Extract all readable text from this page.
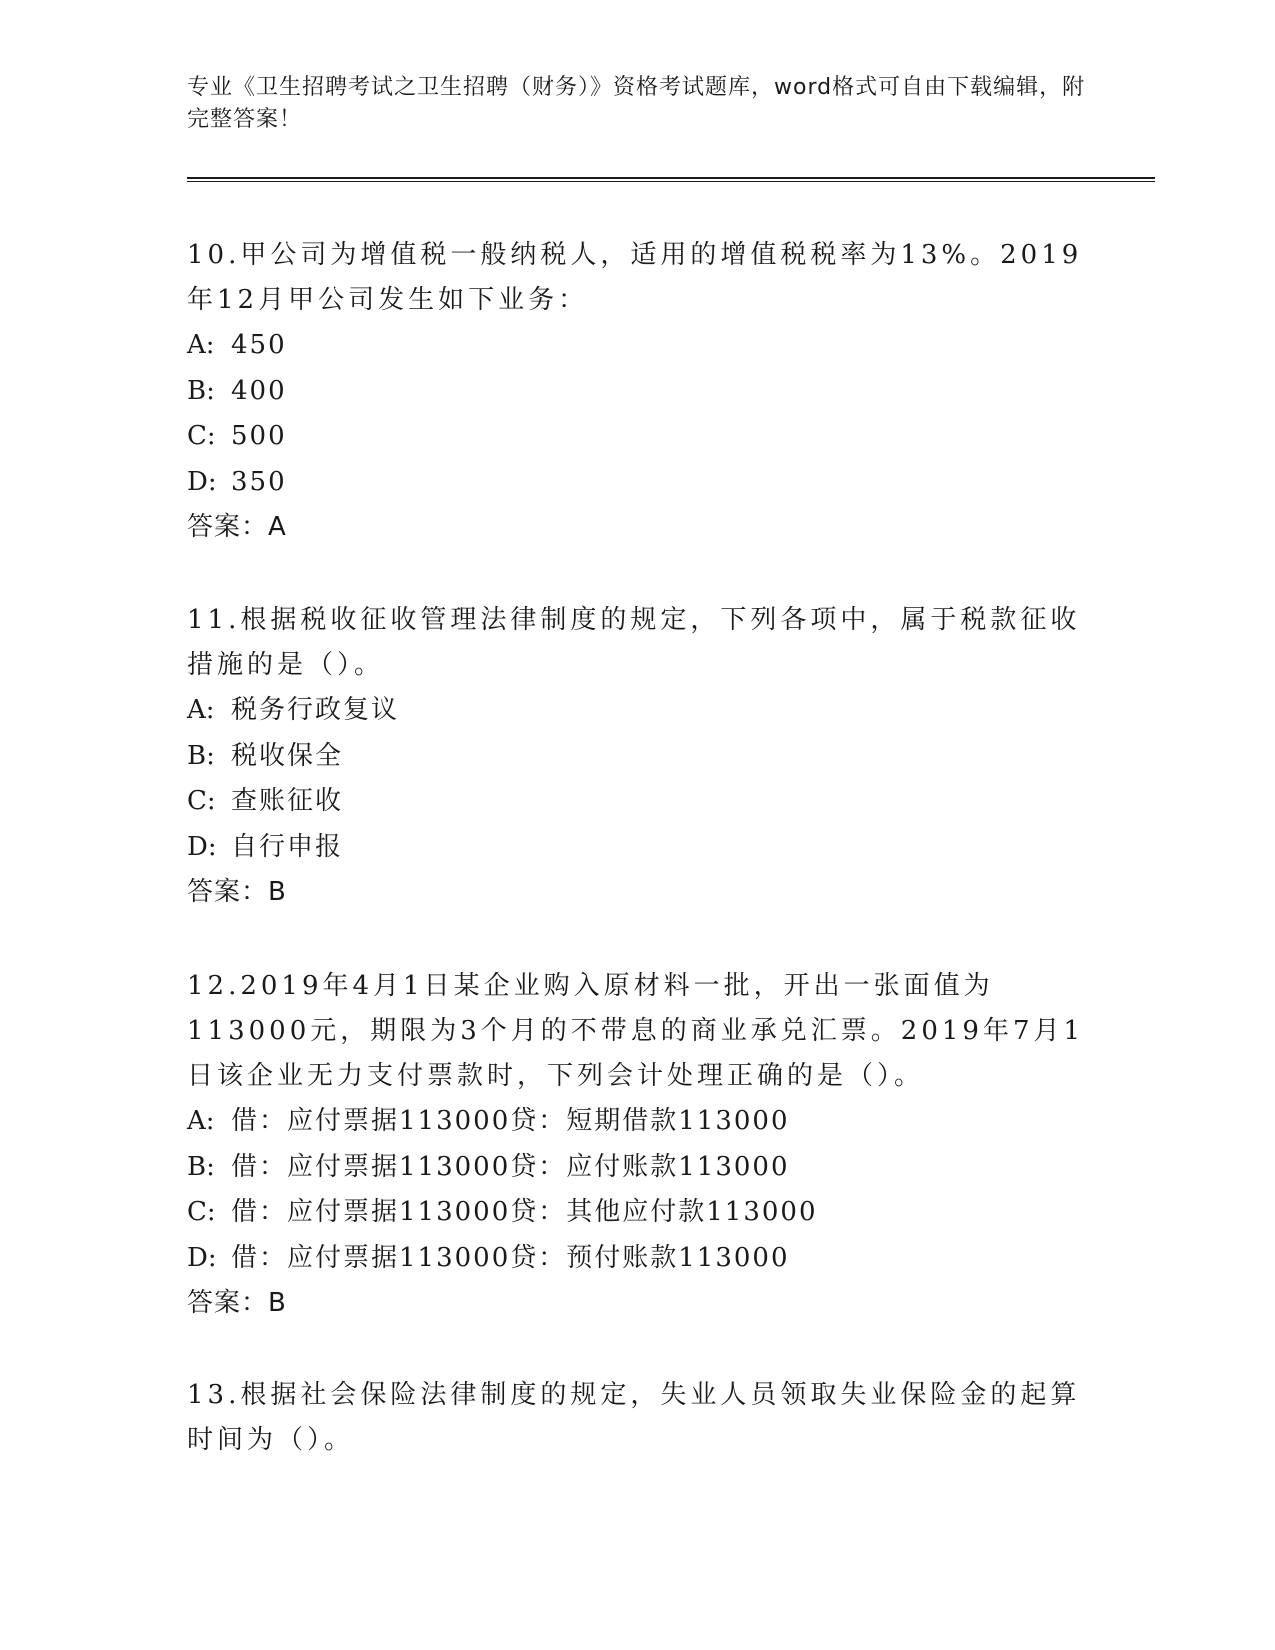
专业《卫生招聘考试之卫生招聘（财务）》资格考试题库，word格式可自由下载编辑，附完整答案！

10.甲公司为增值税一般纳税人，适用的增值税税率为13%。2019年12月甲公司发生如下业务：

A: 450
B: 400
C: 500
D: 350
答案：A

11.根据税收征收管理法律制度的规定，下列各项中，属于税款征收措施的是（）。

A: 税务行政复议
B: 税收保全
C: 查账征收
D: 自行申报
答案：B

12.2019年4月1日某企业购入原材料一批，开出一张面值为113000元，期限为3个月的不带息的商业承兑汇票。2019年7月1日该企业无力支付票款时，下列会计处理正确的是（）。

A: 借：应付票据113000贷：短期借款113000
B: 借：应付票据113000贷：应付账款113000
C: 借：应付票据113000贷：其他应付款113000
D: 借：应付票据113000贷：预付账款113000
答案：B

13.根据社会保险法律制度的规定，失业人员领取失业保险金的起算时间为（）。
